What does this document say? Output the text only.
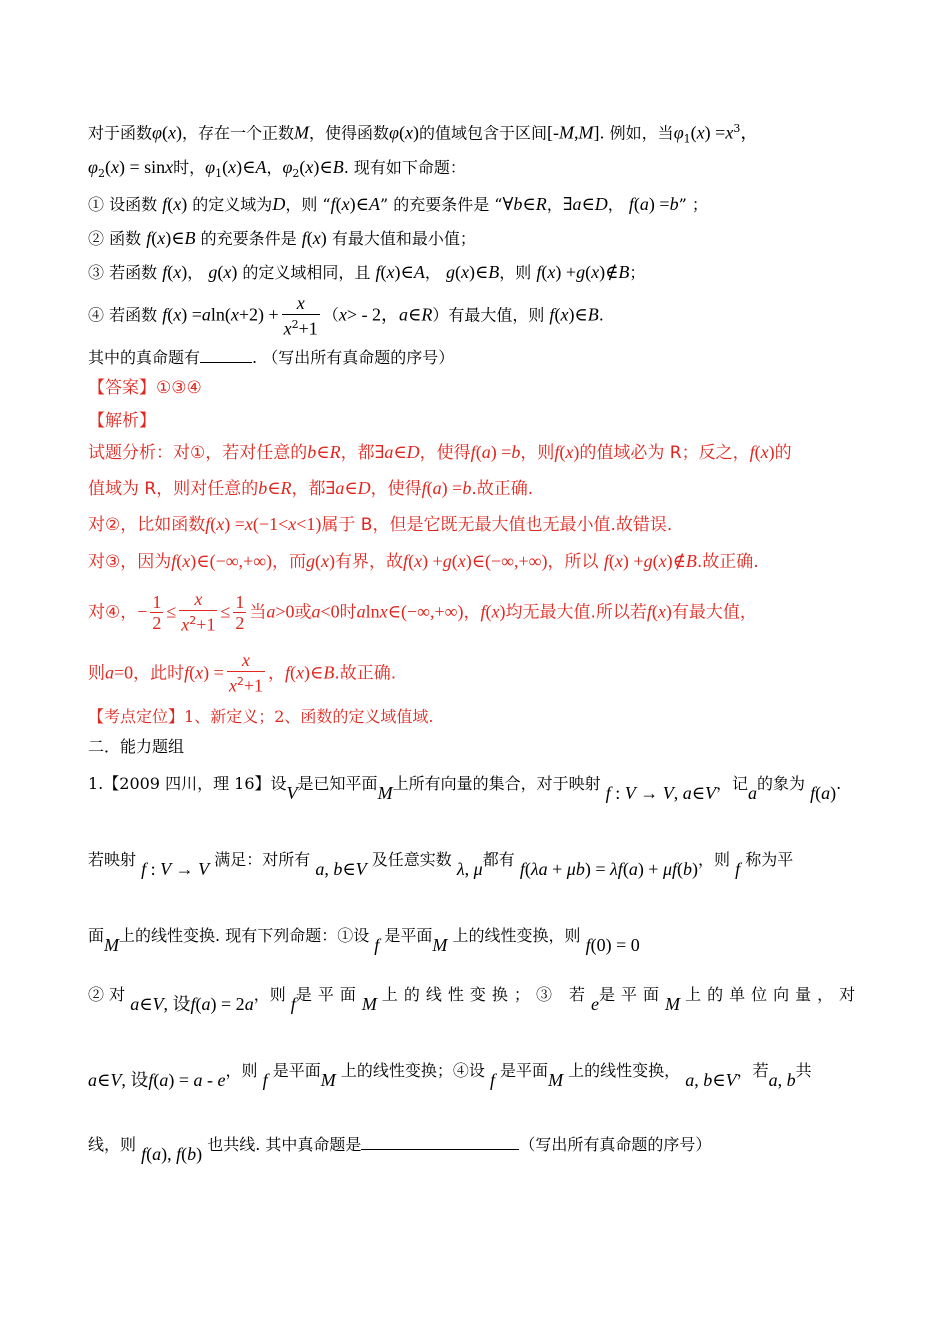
对于函数φ(x)，存在一个正数M，使得函数φ(x)的值域包含于区间[-M,M]. 例如，当$\varphi_1(x) =x^3$，
$\varphi_2(x) = \sin x$时，$\varphi_1(x)\in A$，$\varphi_2(x)\in B$. 现有如下命题：
① 设函数 f(x) 的定义域为D，则 “f(x)∈A” 的充要条件是 “∀b∈R，∃a∈D， f(a) =b” ；
② 函数 f(x)∈B 的充要条件是 f(x) 有最大值和最小值；
③ 若函数 f(x)， g(x) 的定义域相同，且 f(x)∈A， g(x)∈B，则 f(x) +g(x)∉B；
④ 若函数 $f(x) =aln(x+2) + \frac{x}{x^2+1} (x> - 2$，a∈R）有最大值，则 f(x)∈B.
其中的真命题有	. （写出所有真命题的序号）
【答案】①③④
【解析】
试题分析：对①，若对任意的b∈R，都∃a∈D，使得f(a) =b，则f(x)的值域必为 R；反之，f(x)的
值域为 R，则对任意的b∈R，都∃a∈D，使得f(a) =b.故正确.
对②，比如函数f(x) =x(−1<x<1)属于 B，但是它既无最大值也无最小值.故错误.
对③，因为f(x)∈(−∞,+∞)，而g(x)有界，故f(x) +g(x)∈(−∞,+∞)，所以 f(x) +g(x)∉B.故正确.
对④，− $\frac{1}{2} \le \frac{x}{x^2+1} \le \frac{1}{2}$ 当a>0或a<0时alnx∈(−∞,+∞)，f(x)均无最大值.所以若f(x)有最大值，
则a=0，此时$f(x) = \frac{x}{x^2+1}$ ，f(x)∈B.故正确.
【考点定位】1、新定义；2、函数的定义域值域.
二．能力题组
1.【2009 四川，理 16】设V是已知平面M上所有向量的集合，对于映射 f : V → V, a∈V，记a的象为 f(a).
若映射 f : V → V 满足：对所有 a, b∈V 及任意实数 λ, μ都有 f(λa + μb) = λf(a) + μf(b)，则 f 称为平
面M上的线性变换. 现有下列命题：①设 f 是平面M 上的线性变换，则 f(0) = 0
② 对 a∈V, 设f(a) = 2a，则 f是平面M 上的线性变换；③ 若e是平面M 上的单位向量，对
a∈V, 设f(a) = a - e，则 f 是平面M 上的线性变换；④设 f 是平面M 上的线性变换， a, b∈V，若a, b共
线，则 f(a), f(b) 也共线. 其中真命题是	（写出所有真命题的序号）
